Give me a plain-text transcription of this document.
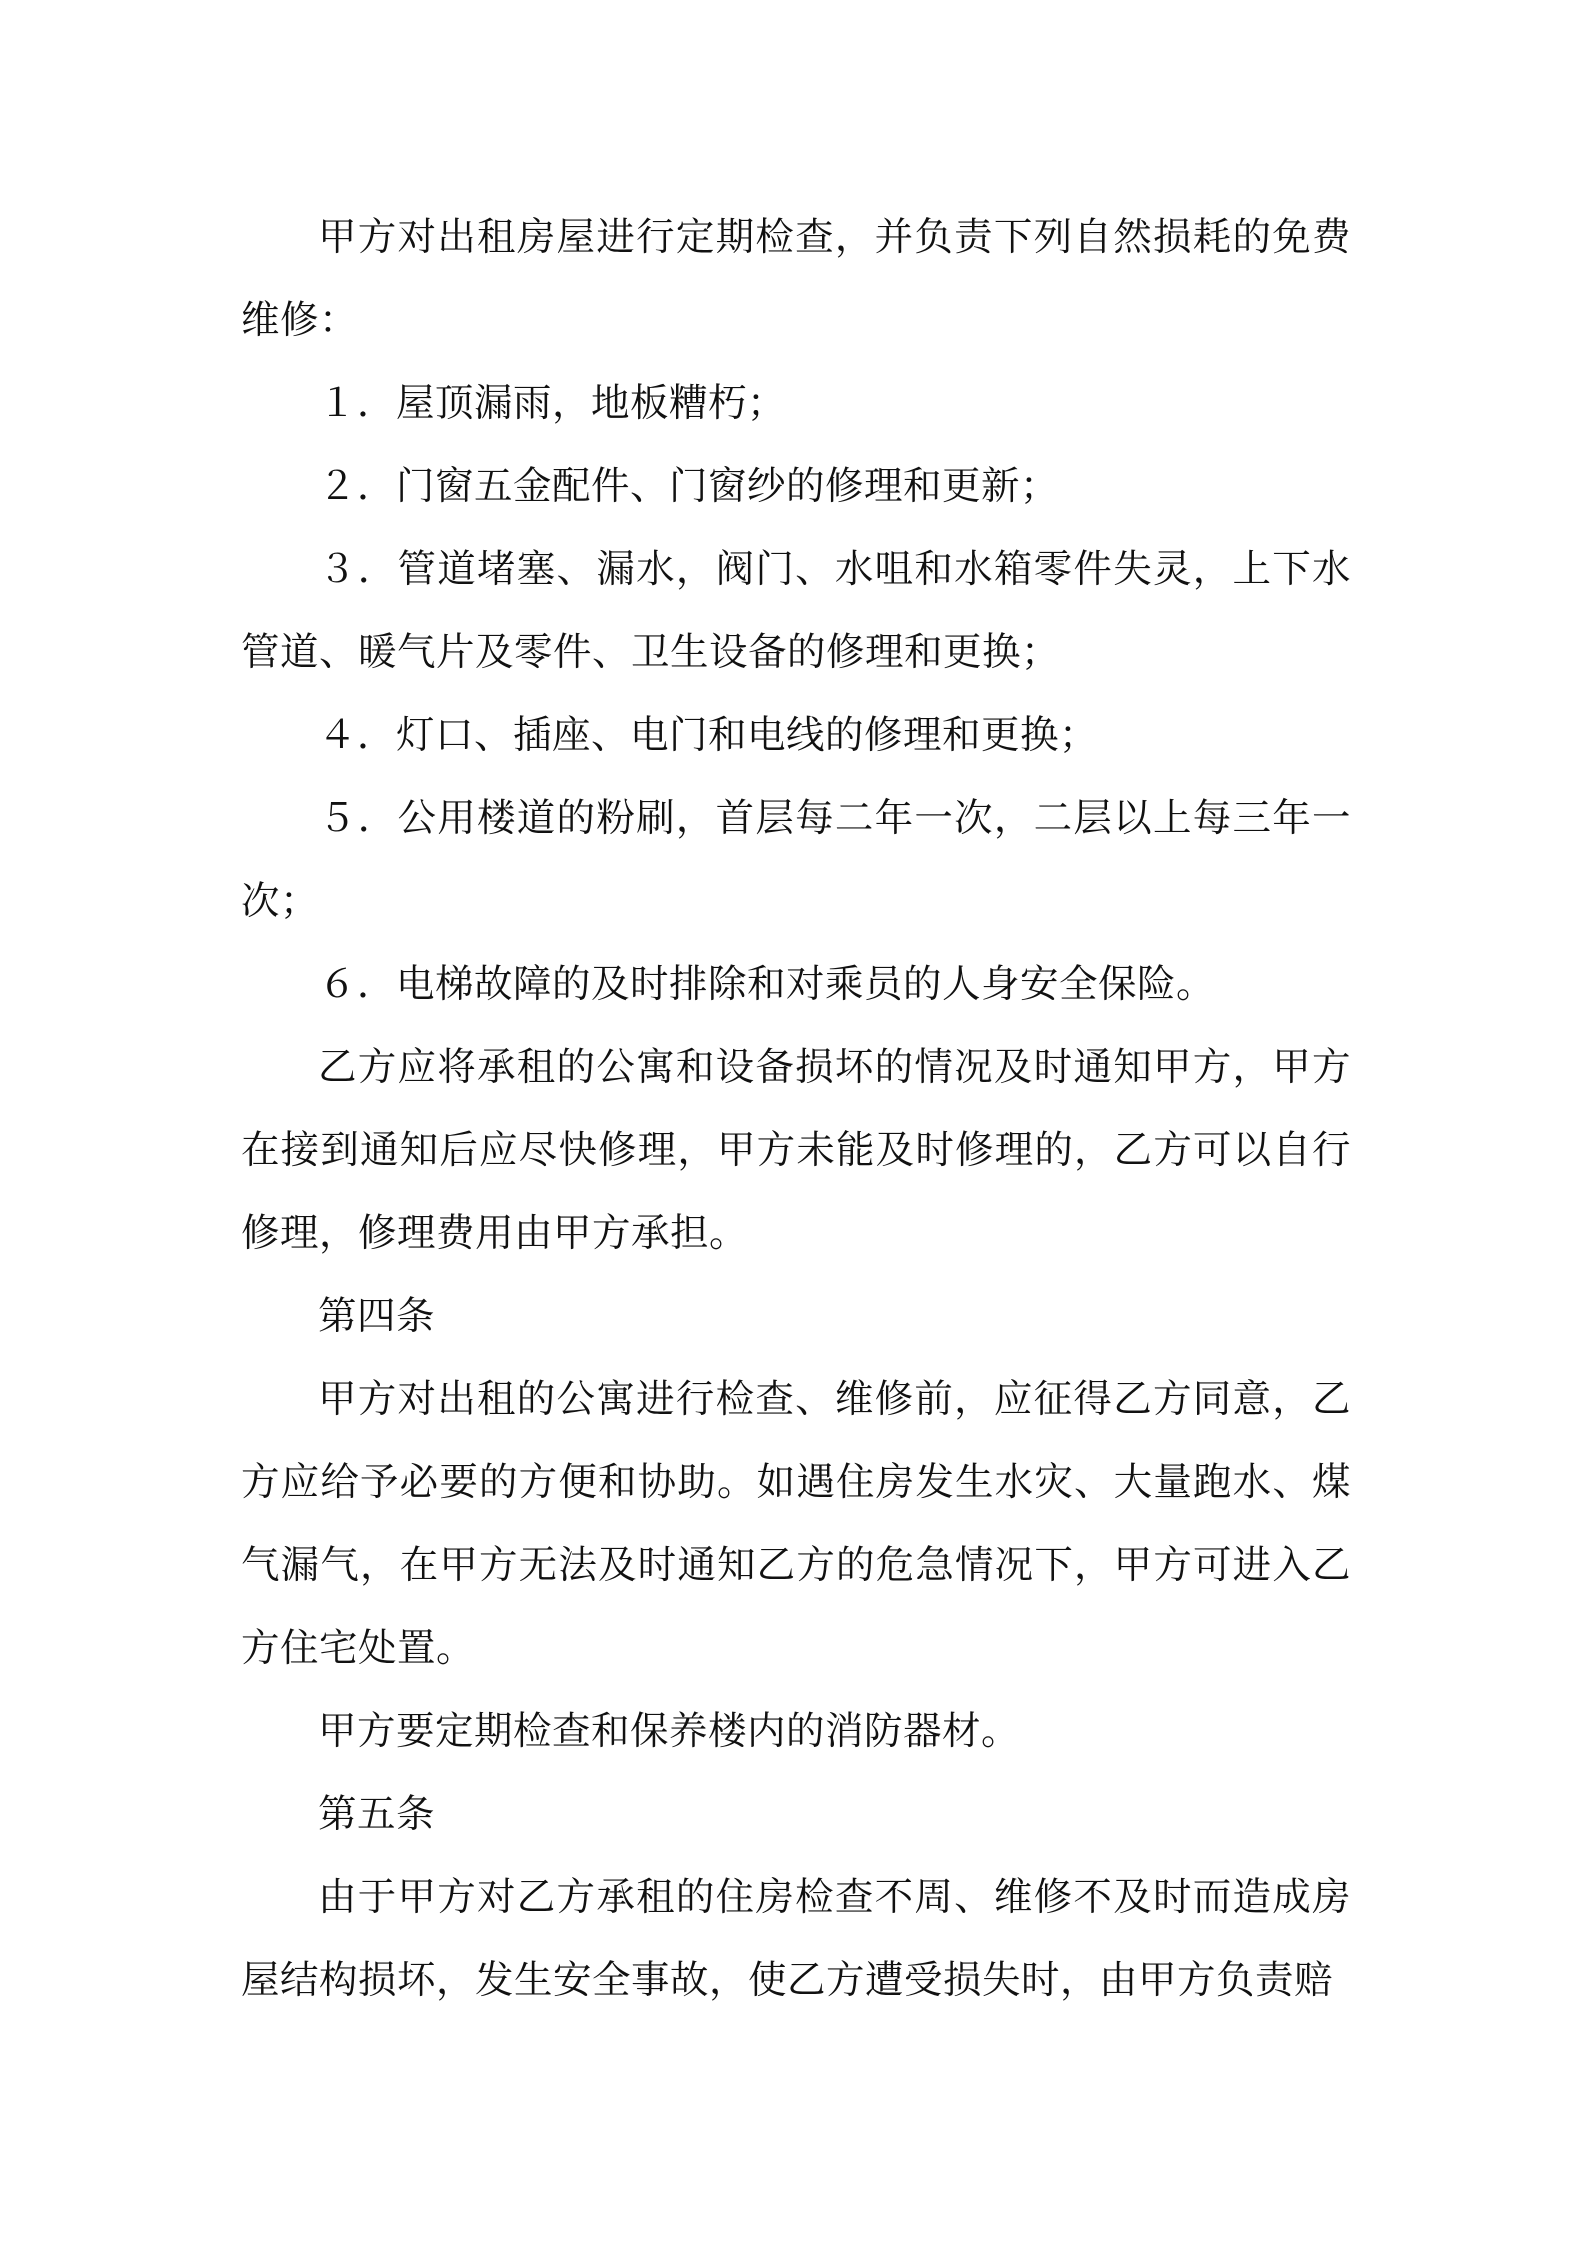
甲方对出租房屋进行定期检查，并负责下列自然损耗的免费维修：

１．屋顶漏雨，地板糟朽；

２．门窗五金配件、门窗纱的修理和更新；

３．管道堵塞、漏水，阀门、水咀和水箱零件失灵，上下水管道、暖气片及零件、卫生设备的修理和更换；

４．灯口、插座、电门和电线的修理和更换；

５．公用楼道的粉刷，首层每二年一次，二层以上每三年一次；

６．电梯故障的及时排除和对乘员的人身安全保险。

乙方应将承租的公寓和设备损坏的情况及时通知甲方，甲方在接到通知后应尽快修理，甲方未能及时修理的，乙方可以自行修理，修理费用由甲方承担。

第四条

甲方对出租的公寓进行检查、维修前，应征得乙方同意，乙方应给予必要的方便和协助。如遇住房发生水灾、大量跑水、煤气漏气，在甲方无法及时通知乙方的危急情况下，甲方可进入乙方住宅处置。

甲方要定期检查和保养楼内的消防器材。

第五条

由于甲方对乙方承租的住房检查不周、维修不及时而造成房屋结构损坏，发生安全事故，使乙方遭受损失时，由甲方负责赔
